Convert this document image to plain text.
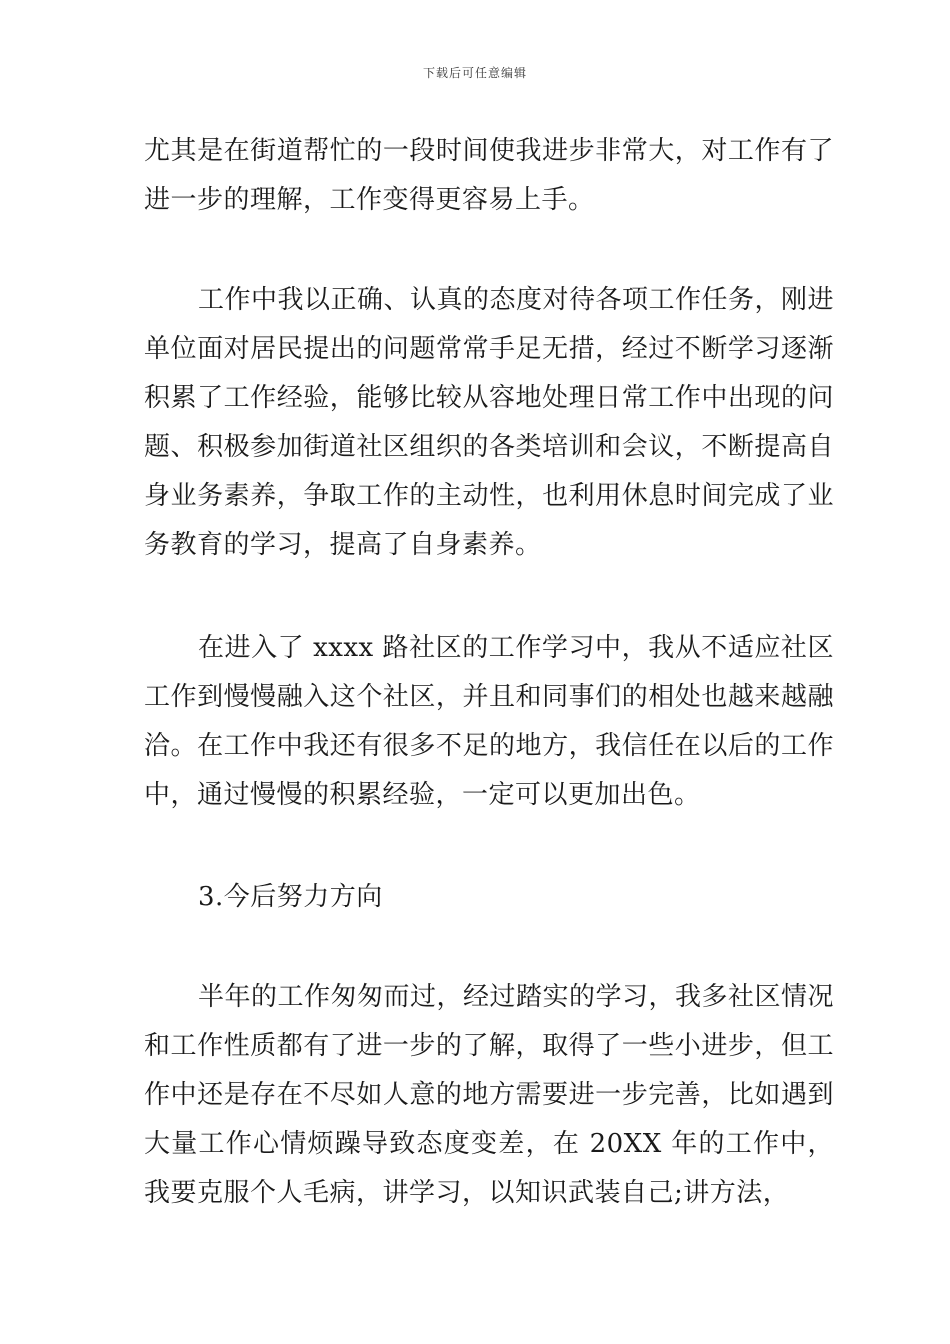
下载后可任意编辑

尤其是在街道帮忙的一段时间使我进步非常大，对工作有了进一步的理解，工作变得更容易上手。

工作中我以正确、认真的态度对待各项工作任务，刚进单位面对居民提出的问题常常手足无措，经过不断学习逐渐积累了工作经验，能够比较从容地处理日常工作中出现的问题、积极参加街道社区组织的各类培训和会议，不断提高自身业务素养，争取工作的主动性，也利用休息时间完成了业务教育的学习，提高了自身素养。

在进入了 xxxx 路社区的工作学习中，我从不适应社区工作到慢慢融入这个社区，并且和同事们的相处也越来越融洽。在工作中我还有很多不足的地方，我信任在以后的工作中，通过慢慢的积累经验，一定可以更加出色。

3.今后努力方向

半年的工作匆匆而过，经过踏实的学习，我多社区情况和工作性质都有了进一步的了解，取得了一些小进步，但工作中还是存在不尽如人意的地方需要进一步完善，比如遇到大量工作心情烦躁导致态度变差，在 20XX 年的工作中，我要克服个人毛病，讲学习，以知识武装自己;讲方法，
